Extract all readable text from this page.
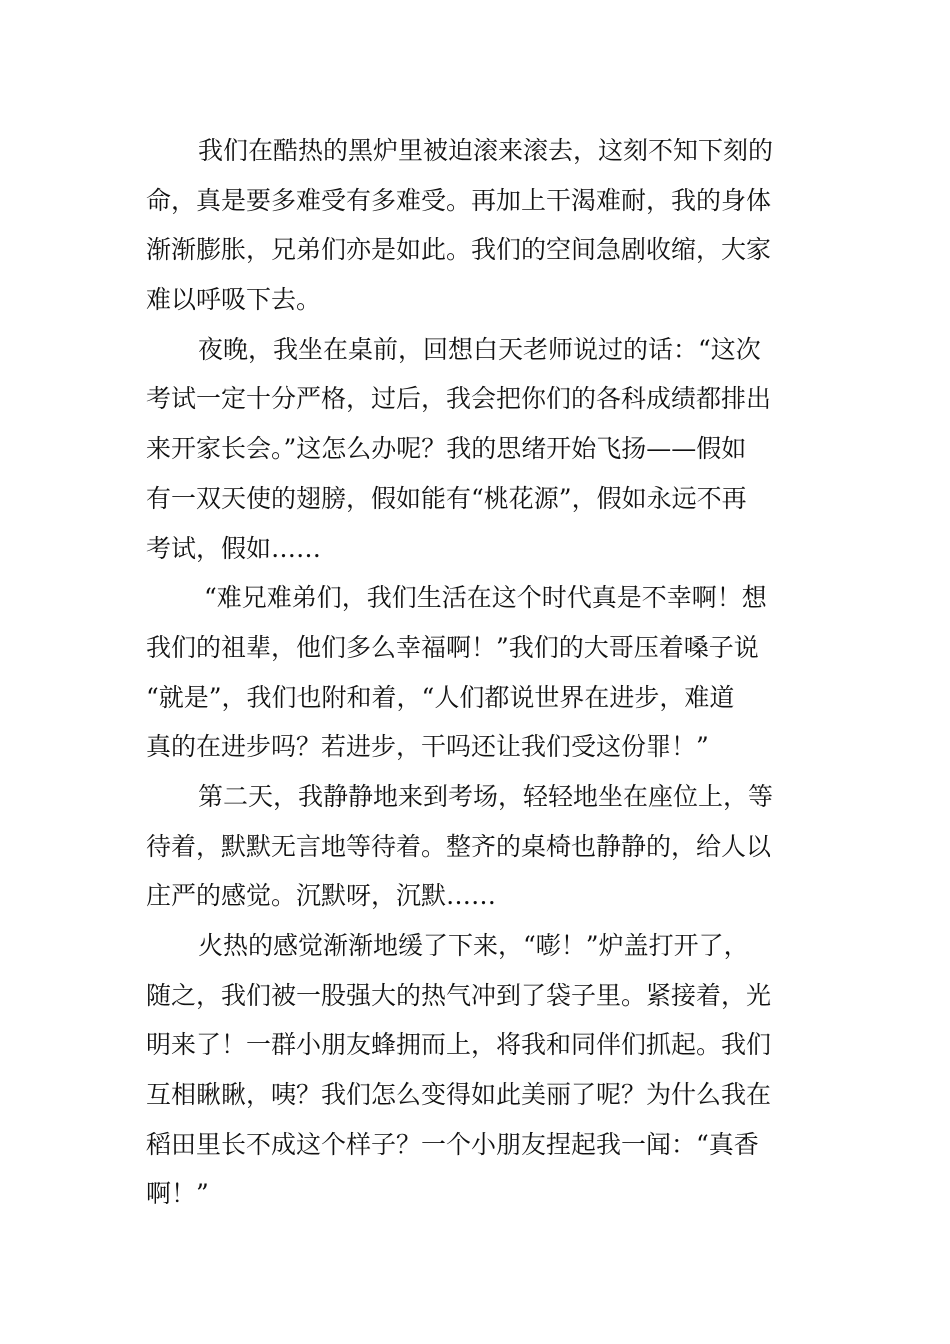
我们在酷热的黑炉里被迫滚来滚去，这刻不知下刻的
命，真是要多难受有多难受。再加上干渴难耐，我的身体
渐渐膨胀，兄弟们亦是如此。我们的空间急剧收缩，大家
难以呼吸下去。
夜晚，我坐在桌前，回想白天老师说过的话：“这次
考试一定十分严格，过后，我会把你们的各科成绩都排出
来开家长会。”这怎么办呢？我的思绪开始飞扬——假如
有一双天使的翅膀，假如能有“桃花源”，假如永远不再
考试，假如……
“难兄难弟们，我们生活在这个时代真是不幸啊！想
我们的祖辈，他们多么幸福啊！”我们的大哥压着嗓子说
“就是”，我们也附和着，“人们都说世界在进步，难道
真的在进步吗？若进步，干吗还让我们受这份罪！”
第二天，我静静地来到考场，轻轻地坐在座位上，等
待着，默默无言地等待着。整齐的桌椅也静静的，给人以
庄严的感觉。沉默呀，沉默……
火热的感觉渐渐地缓了下来，“嘭！”炉盖打开了，
随之，我们被一股强大的热气冲到了袋子里。紧接着，光
明来了！一群小朋友蜂拥而上，将我和同伴们抓起。我们
互相瞅瞅，咦？我们怎么变得如此美丽了呢？为什么我在
稻田里长不成这个样子？一个小朋友捏起我一闻：“真香
啊！”
